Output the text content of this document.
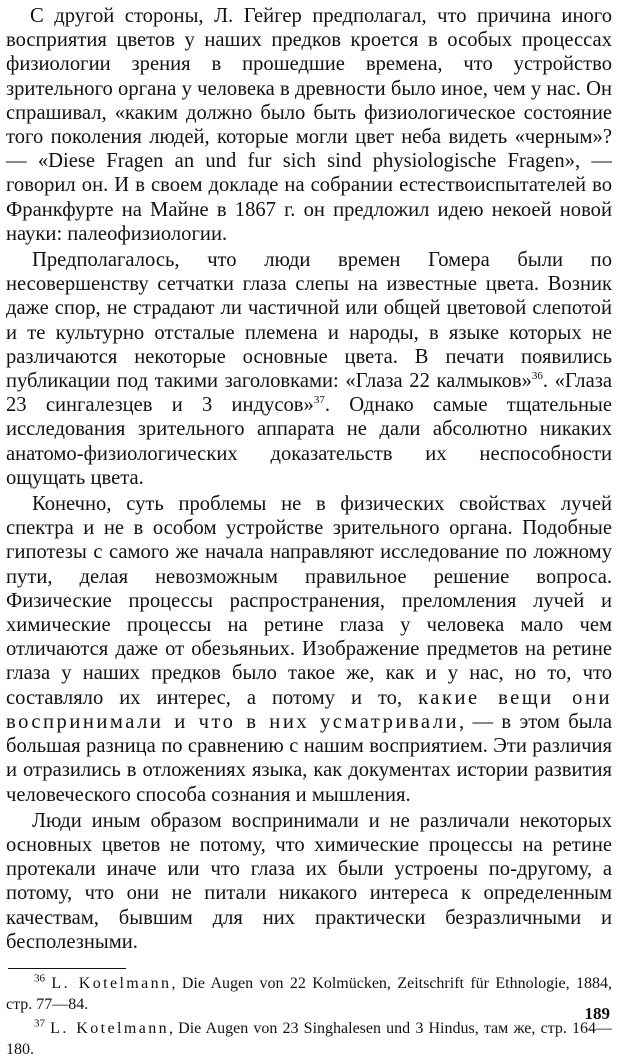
С другой стороны, Л. Гейгер предполагал, что причина иного восприятия цветов у наших предков кроется в особых процессах физиологии зрения в прошедшие времена, что устройство зрительного органа у человека в древности было иное, чем у нас. Он спрашивал, «каким должно было быть физиологическое состояние того поколения людей, которые могли цвет неба видеть «черным»? — «Diese Fragen an und fur sich sind physiologische Fragen», — говорил он. И в своем докладе на собрании естествоиспытателей во Франкфурте на Майне в 1867 г. он предложил идею некоей новой науки: палеофизиологии.

Предполагалось, что люди времен Гомера были по несовершенству сетчатки глаза слепы на известные цвета. Возник даже спор, не страдают ли частичной или общей цветовой слепотой и те культурно отсталые племена и народы, в языке которых не различаются некоторые основные цвета. В печати появились публикации под такими заголовками: «Глаза 22 калмыков»$^{36}$. «Глаза 23 сингалезцев и 3 индусов»$^{37}$. Однако самые тщательные исследования зрительного аппарата не дали абсолютно никаких анатомо-физиологических доказательств их неспособности ощущать цвета.

Конечно, суть проблемы не в физических свойствах лучей спектра и не в особом устройстве зрительного органа. Подобные гипотезы с самого же начала направляют исследование по ложному пути, делая невозможным правильное решение вопроса. Физические процессы распространения, преломления лучей и химические процессы на ретине глаза у человека мало чем отличаются даже от обезьяньих. Изображение предметов на ретине глаза у наших предков было такое же, как и у нас, но то, что составляло их интерес, а потому и то, какие вещи они воспринимали и что в них усматривали, — в этом была большая разница по сравнению с нашим восприятием. Эти различия и отразились в отложениях языка, как документах истории развития человеческого способа сознания и мышления.

Люди иным образом воспринимали и не различали некоторых основных цветов не потому, что химические процессы на ретине протекали иначе или что глаза их были устроены по-другому, а потому, что они не питали никакого интереса к определенным качествам, бывшим для них практически безразличными и бесполезными.

$^{36}$ L. Kotelmann, Die Augen von 22 Kolmücken, Zeitschrift für Ethnologie, 1884, стр. 77—84.

$^{37}$ L. Kotelmann, Die Augen von 23 Singhalesen und 3 Hindus, там же, стр. 164—180.

189
